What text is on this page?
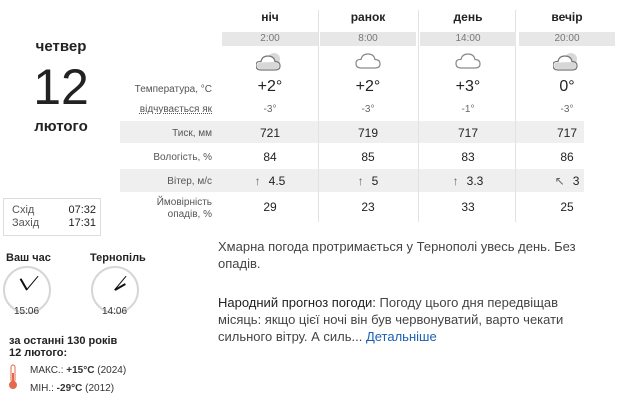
четвер
12
лютого
Схід	07:32
Захід	17:31
Ваш час
15:06
Тернопіль
14:06
за останні 130 років 12 лютого:
МАКС.: +15°C (2024)
МІН.: -29°C (2012)
Температура, °C
відчувається як
Тиск, мм
Вологість, %
Вітер, м/с
Ймовірність
опадів, %
ніч
2:00
+2°
-3°
721
84
↑ 4.5
29
ранок
8:00
+2°
-3°
719
85
↑ 5
23
день
14:00
+3°
-1°
717
83
↑ 3.3
33
вечір
20:00
0°
-3°
717
86
↖ 3
25
Хмарна погода протримається у Тернополі увесь день. Без опадів.
Народний прогноз погоди: Погоду цього дня передвіщав місяць: якщо цієї ночі він був червонуватий, варто чекати сильного вітру. А силь... Детальніше
